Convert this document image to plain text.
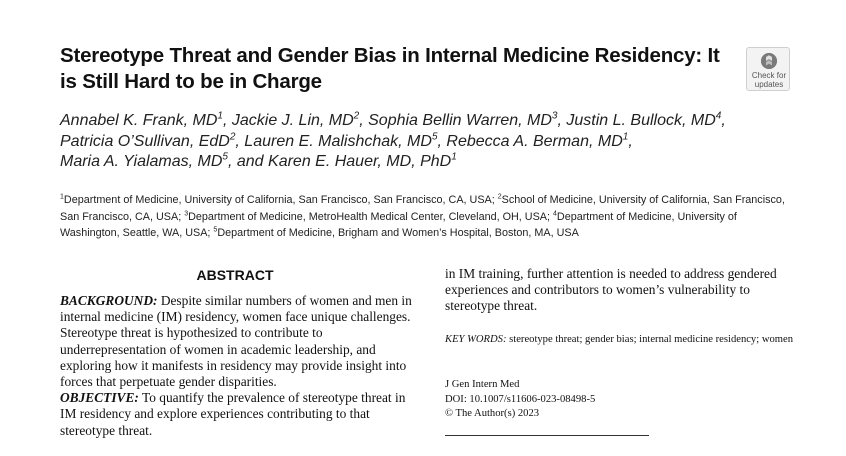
Stereotype Threat and Gender Bias in Internal Medicine Residency: It is Still Hard to be in Charge	Check for
updates
Annabel K. Frank, $MD^1$, Jackie J. Lin, $MD^2$, Sophia Bellin Warren, $MD^3$, Justin L. Bullock, $MD^4$,
Patricia O’Sullivan, EdD$^2$, Lauren E. Malishchak, $MD^5$, Rebecca A. Berman, $MD^1$,
Maria A. Yialamas, $MD^5$, and Karen E. Hauer, MD, PhD$^1$
$^1$Department of Medicine, University of California, San Francisco, San Francisco, CA, USA; $^2$School of Medicine, University of California, San Francisco, San Francisco, CA, USA; $^3$Department of Medicine, MetroHealth Medical Center, Cleveland, OH, USA; $^4$Department of Medicine, University of Washington, Seattle, WA, USA; $^5$Department of Medicine, Brigham and Women’s Hospital, Boston, MA, USA
ABSTRACT

BACKGROUND: Despite similar numbers of women and men in internal medicine (IM) residency, women face unique challenges. Stereotype threat is hypothesized to contribute to underrepresentation of women in academic leadership, and exploring how it manifests in residency may provide insight into forces that perpetuate gender disparities.

OBJECTIVE: To quantify the prevalence of stereotype threat in IM residency and explore experiences contributing to that stereotype threat.

in IM training, further attention is needed to address gendered experiences and contributors to women’s vulnerability to stereotype threat.

KEY WORDS: stereotype threat; gender bias; internal medicine residency; women
J Gen Intern Med
DOI: 10.1007/s11606-023-08498-5
© The Author(s) 2023
